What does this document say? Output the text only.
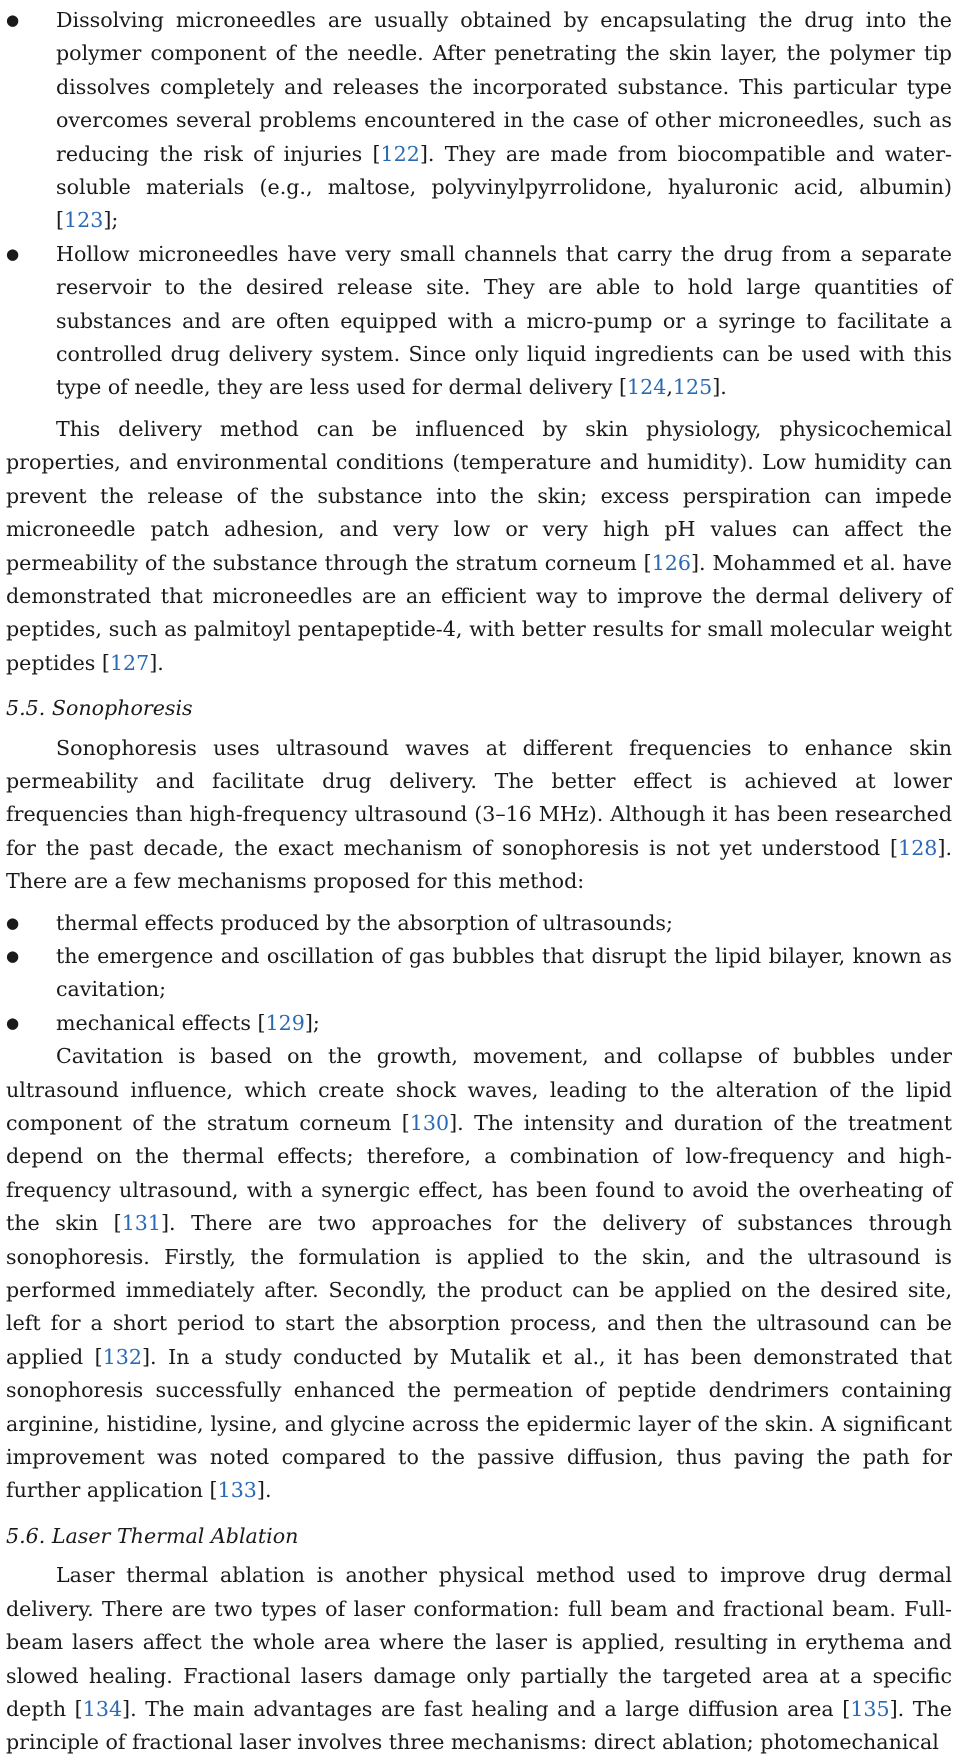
●	Dissolving microneedles are usually obtained by encapsulating the drug into the polymer component of the needle. After penetrating the skin layer, the polymer tip dissolves completely and releases the incorporated substance. This particular type overcomes several problems encountered in the case of other microneedles, such as reducing the risk of injuries [122]. They are made from biocompatible and water-soluble materials (e.g., maltose, polyvinylpyrrolidone, hyaluronic acid, albumin) [123];
●	Hollow microneedles have very small channels that carry the drug from a separate reservoir to the desired release site. They are able to hold large quantities of substances and are often equipped with a micro-pump or a syringe to facilitate a controlled drug delivery system. Since only liquid ingredients can be used with this type of needle, they are less used for dermal delivery [124,125].

This delivery method can be influenced by skin physiology, physicochemical properties, and environmental conditions (temperature and humidity). Low humidity can prevent the release of the substance into the skin; excess perspiration can impede microneedle patch adhesion, and very low or very high pH values can affect the permeability of the substance through the stratum corneum [126]. Mohammed et al. have demonstrated that microneedles are an efficient way to improve the dermal delivery of peptides, such as palmitoyl pentapeptide-4, with better results for small molecular weight peptides [127].

5.5. Sonophoresis

Sonophoresis uses ultrasound waves at different frequencies to enhance skin permeability and facilitate drug delivery. The better effect is achieved at lower frequencies than high-frequency ultrasound (3–16 MHz). Although it has been researched for the past decade, the exact mechanism of sonophoresis is not yet understood [128]. There are a few mechanisms proposed for this method:

●	thermal effects produced by the absorption of ultrasounds;
●	the emergence and oscillation of gas bubbles that disrupt the lipid bilayer, known as cavitation;
●	mechanical effects [129];

Cavitation is based on the growth, movement, and collapse of bubbles under ultrasound influence, which create shock waves, leading to the alteration of the lipid component of the stratum corneum [130]. The intensity and duration of the treatment depend on the thermal effects; therefore, a combination of low-frequency and high-frequency ultrasound, with a synergic effect, has been found to avoid the overheating of the skin [131]. There are two approaches for the delivery of substances through sonophoresis. Firstly, the formulation is applied to the skin, and the ultrasound is performed immediately after. Secondly, the product can be applied on the desired site, left for a short period to start the absorption process, and then the ultrasound can be applied [132]. In a study conducted by Mutalik et al., it has been demonstrated that sonophoresis successfully enhanced the permeation of peptide dendrimers containing arginine, histidine, lysine, and glycine across the epidermic layer of the skin. A significant improvement was noted compared to the passive diffusion, thus paving the path for further application [133].

5.6. Laser Thermal Ablation

Laser thermal ablation is another physical method used to improve drug dermal delivery. There are two types of laser conformation: full beam and fractional beam. Full-beam lasers affect the whole area where the laser is applied, resulting in erythema and slowed healing. Fractional lasers damage only partially the targeted area at a specific depth [134]. The main advantages are fast healing and a large diffusion area [135]. The principle of fractional laser involves three mechanisms: direct ablation; photomechanical
